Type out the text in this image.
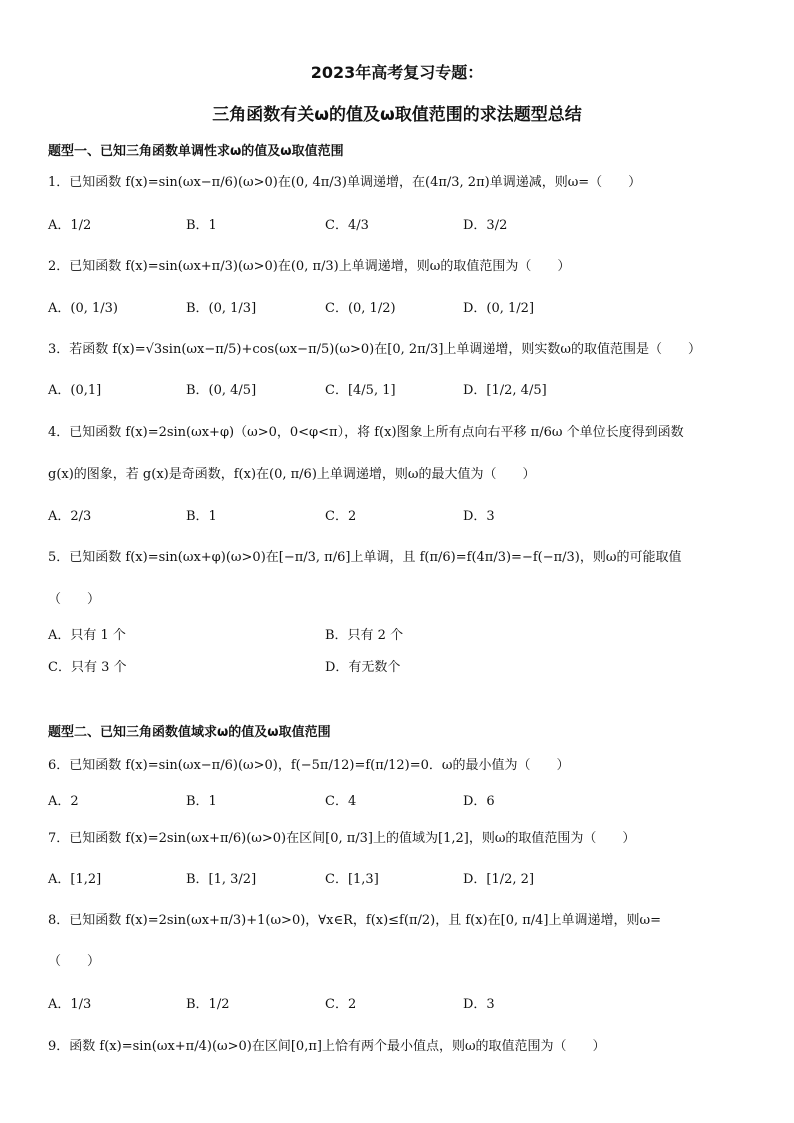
2023年高考复习专题：
三角函数有关ω的值及ω取值范围的求法题型总结
题型一、已知三角函数单调性求ω的值及ω取值范围
1．已知函数 f(x)=sin(ωx−π/6)(ω>0)在(0, 4π/3)单调递增，在(4π/3, 2π)单调递减，则ω=（　　）
A．1/2	B．1	C．4/3	D．3/2
2．已知函数 f(x)=sin(ωx+π/3)(ω>0)在(0, π/3)上单调递增，则ω的取值范围为（　　）
A．(0, 1/3)	B．(0, 1/3]	C．(0, 1/2)	D．(0, 1/2]
3．若函数 f(x)=√3sin(ωx−π/5)+cos(ωx−π/5)(ω>0)在[0, 2π/3]上单调递增，则实数ω的取值范围是（　　）
A．(0,1]	B．(0, 4/5]	C．[4/5, 1]	D．[1/2, 4/5]
4．已知函数 f(x)=2sin(ωx+φ)（ω>0，0<φ<π），将 f(x)图象上所有点向右平移 π/6ω 个单位长度得到函数
g(x)的图象，若 g(x)是奇函数，f(x)在(0, π/6)上单调递增，则ω的最大值为（　　）
A．2/3	B．1	C．2	D．3
5．已知函数 f(x)=sin(ωx+φ)(ω>0)在[−π/3, π/6]上单调，且 f(π/6)=f(4π/3)=−f(−π/3)，则ω的可能取值
（　　）
A．只有 1 个	B．只有 2 个
C．只有 3 个	D．有无数个
题型二、已知三角函数值域求ω的值及ω取值范围
6．已知函数 f(x)=sin(ωx−π/6)(ω>0)，f(−5π/12)=f(π/12)=0．ω的最小值为（　　）
A．2	B．1	C．4	D．6
7．已知函数 f(x)=2sin(ωx+π/6)(ω>0)在区间[0, π/3]上的值域为[1,2]，则ω的取值范围为（　　）
A．[1,2]	B．[1, 3/2]	C．[1,3]	D．[1/2, 2]
8．已知函数 f(x)=2sin(ωx+π/3)+1(ω>0)，∀x∈R，f(x)≤f(π/2)，且 f(x)在[0, π/4]上单调递增，则ω=
（　　）
A．1/3	B．1/2	C．2	D．3
9．函数 f(x)=sin(ωx+π/4)(ω>0)在区间[0,π]上恰有两个最小值点，则ω的取值范围为（　　）
